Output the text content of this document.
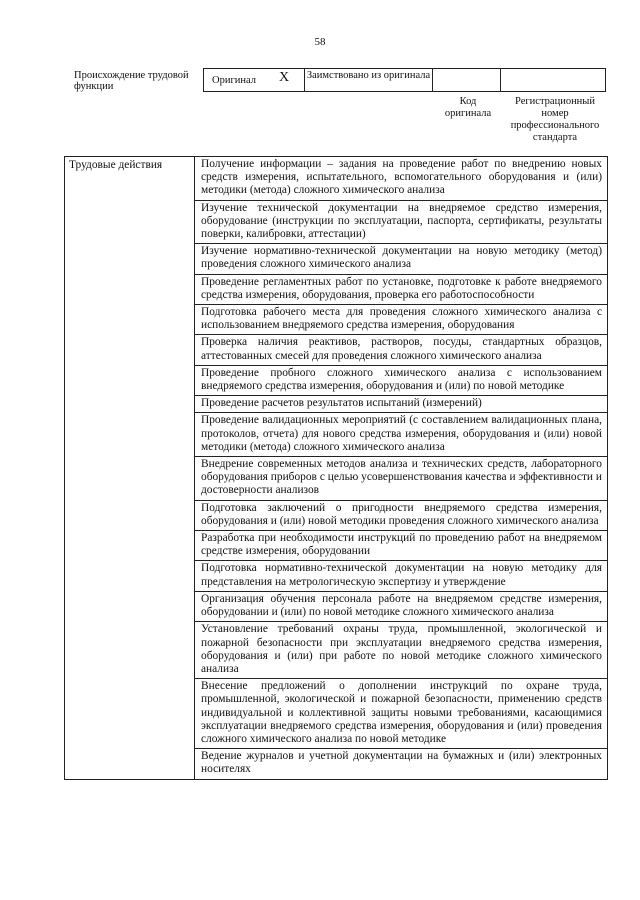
58
Происхождение трудовой функции
Оригинал X Заимствовано из оригинала
Код оригинала
Регистрационный номер профессионального стандарта
Трудовые действия	Получение информации – задания на проведение работ по внедрению новых средств измерения, испытательного, вспомогательного оборудования и (или) методики (метода) сложного химического анализа
Изучение технической документации на внедряемое средство измерения, оборудование (инструкции по эксплуатации, паспорта, сертификаты, результаты поверки, калибровки, аттестации)
Изучение нормативно-технической документации на новую методику (метод) проведения сложного химического анализа
Проведение регламентных работ по установке, подготовке к работе внедряемого средства измерения, оборудования, проверка его работоспособности
Подготовка рабочего места для проведения сложного химического анализа с использованием внедряемого средства измерения, оборудования
Проверка наличия реактивов, растворов, посуды, стандартных образцов, аттестованных смесей для проведения сложного химического анализа
Проведение пробного сложного химического анализа с использованием внедряемого средства измерения, оборудования и (или) по новой методике
Проведение расчетов результатов испытаний (измерений)
Проведение валидационных мероприятий (с составлением валидационных плана, протоколов, отчета) для нового средства измерения, оборудования и (или) новой методики (метода) сложного химического анализа
Внедрение современных методов анализа и технических средств, лабораторного оборудования приборов с целью усовершенствования качества и эффективности и достоверности анализов
Подготовка заключений о пригодности внедряемого средства измерения, оборудования и (или) новой методики проведения сложного химического анализа
Разработка при необходимости инструкций по проведению работ на внедряемом средстве измерения, оборудовании
Подготовка нормативно-технической документации на новую методику для представления на метрологическую экспертизу и утверждение
Организация обучения персонала работе на внедряемом средстве измерения, оборудовании и (или) по новой методике сложного химического анализа
Установление требований охраны труда, промышленной, экологической и пожарной безопасности при эксплуатации внедряемого средства измерения, оборудования и (или) при работе по новой методике сложного химического анализа
Внесение предложений о дополнении инструкций по охране труда, промышленной, экологической и пожарной безопасности, применению средств индивидуальной и коллективной защиты новыми требованиями, касающимися эксплуатации внедряемого средства измерения, оборудования и (или) проведения сложного химического анализа по новой методике
Ведение журналов и учетной документации на бумажных и (или) электронных носителях
